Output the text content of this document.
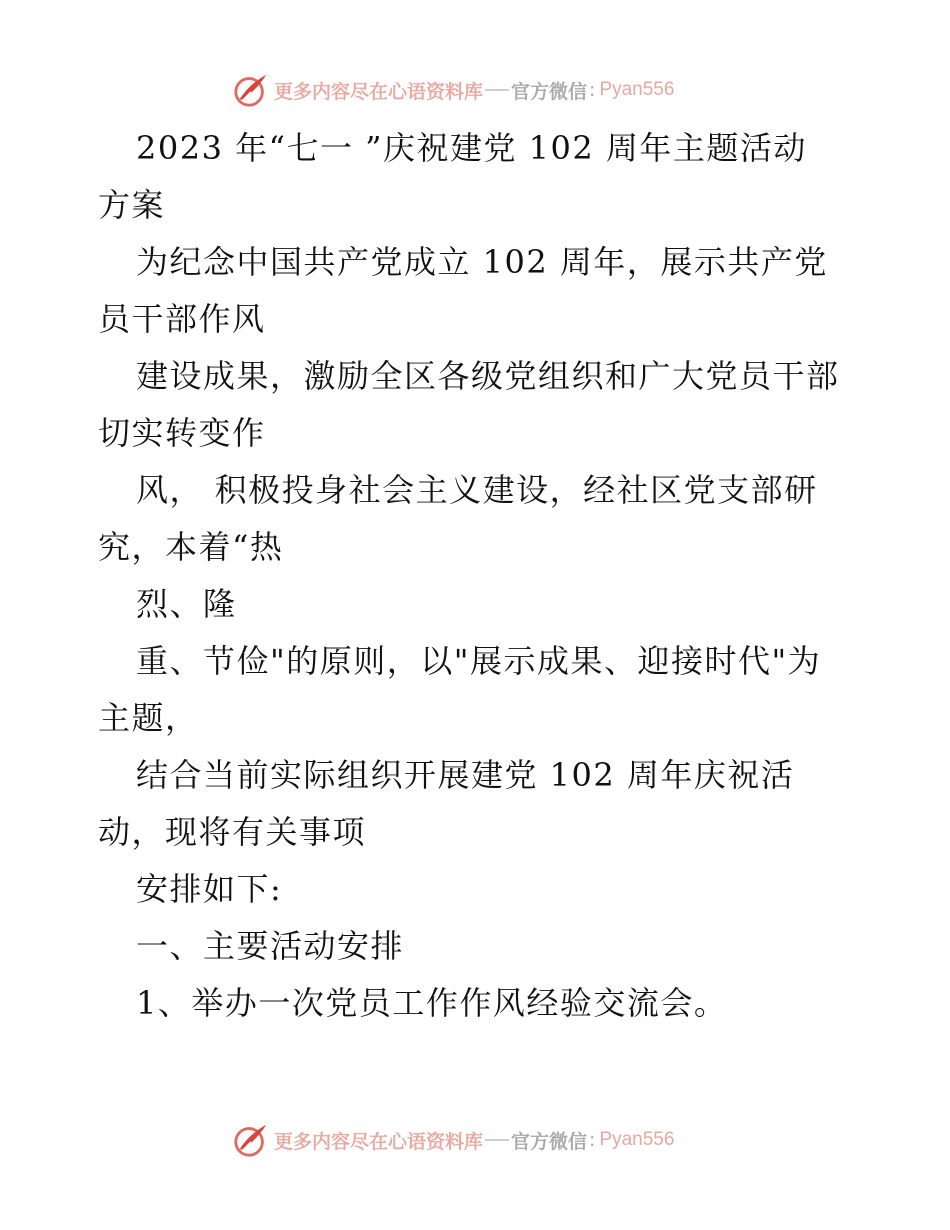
更多内容尽在心语资料库 官方微信 : Pyan556
2023 年“七一 ”庆祝建党 102 周年主题活动
方案
为纪念中国共产党成立 102 周年，展示共产党
员干部作风
建设成果，激励全区各级党组织和广大党员干部
切实转变作
风， 积极投身社会主义建设，经社区党支部研
究，本着“热
烈、隆
重、节俭"的原则，以"展示成果、迎接时代"为
主题，
结合当前实际组织开展建党 102 周年庆祝活
动，现将有关事项
安排如下:
一、主要活动安排
1、举办一次党员工作作风经验交流会。
更多内容尽在心语资料库 官方微信 : Pyan556
